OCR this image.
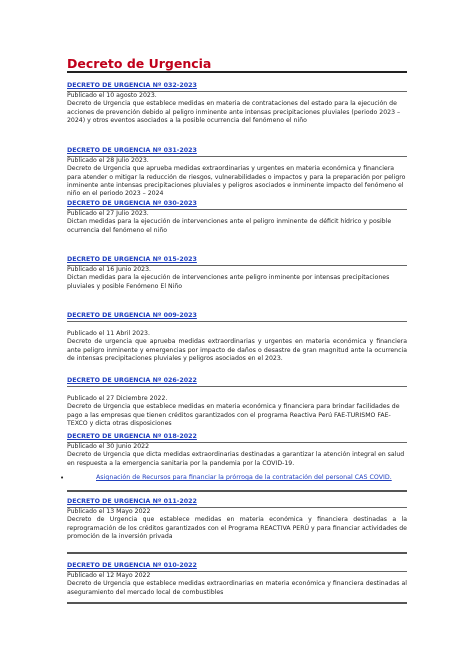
Decreto de Urgencia
DECRETO DE URGENCIA Nº 032-2023
Publicado el 10 agosto 2023.

Decreto de Urgencia que establece medidas en materia de contrataciones del estado para la ejecución de acciones de prevención debido al peligro inminente ante intensas precipitaciones pluviales (periodo 2023 – 2024) y otros eventos asociados a la posible ocurrencia del fenómeno el niño

DECRETO DE URGENCIA Nº 031-2023
Publicado el 28 Julio 2023.

Decreto de Urgencia que aprueba medidas extraordinarias y urgentes en materia económica y financiera para atender o mitigar la reducción de riesgos, vulnerabilidades o impactos y para la preparación por peligro inminente ante intensas precipitaciones pluviales y peligros asociados e inminente impacto del fenómeno el niño en el periodo 2023 – 2024

DECRETO DE URGENCIA Nº 030-2023
Publicado el 27 Julio 2023.

Dictan medidas para la ejecución de intervenciones ante el peligro inminente de déficit hídrico y posible ocurrencia del fenómeno el niño

DECRETO DE URGENCIA Nº 015-2023
Publicado el 16 Junio 2023.

Dictan medidas para la ejecución de intervenciones ante peligro inminente por intensas precipitaciones pluviales y posible Fenómeno El Niño

DECRETO DE URGENCIA Nº 009-2023
Publicado el 11 Abril 2023.

Decreto de urgencia que aprueba medidas extraordinarias y urgentes en materia económica y financiera ante peligro inminente y emergencias por impacto de daños o desastre de gran magnitud ante la ocurrencia de intensas precipitaciones pluviales y peligros asociados en el 2023.

DECRETO DE URGENCIA Nº 026-2022
Publicado el 27 Diciembre 2022.

Decreto de Urgencia que establece medidas en materia económica y financiera para brindar facilidades de pago a las empresas que tienen créditos garantizados con el programa Reactiva Perú FAE-TURISMO FAE-TEXCO y dicta otras disposiciones

DECRETO DE URGENCIA Nº 018-2022
Publicado el 30 Junio 2022

Decreto de Urgencia que dicta medidas extraordinarias destinadas a garantizar la atención integral en salud en respuesta a la emergencia sanitaria por la pandemia por la COVID-19.

•	Asignación de Recursos para financiar la prórroga de la contratación del personal CAS COVID.
DECRETO DE URGENCIA Nº 011-2022
Publicado el 13 Mayo 2022

Decreto de Urgencia que establece medidas en materia económica y financiera destinadas a la reprogramación de los créditos garantizados con el Programa REACTIVA PERÚ y para financiar actividades de promoción de la inversión privada

DECRETO DE URGENCIA Nº 010-2022
Publicado el 12 Mayo 2022

Decreto de Urgencia que establece medidas extraordinarias en materia económica y financiera destinadas al aseguramiento del mercado local de combustibles
